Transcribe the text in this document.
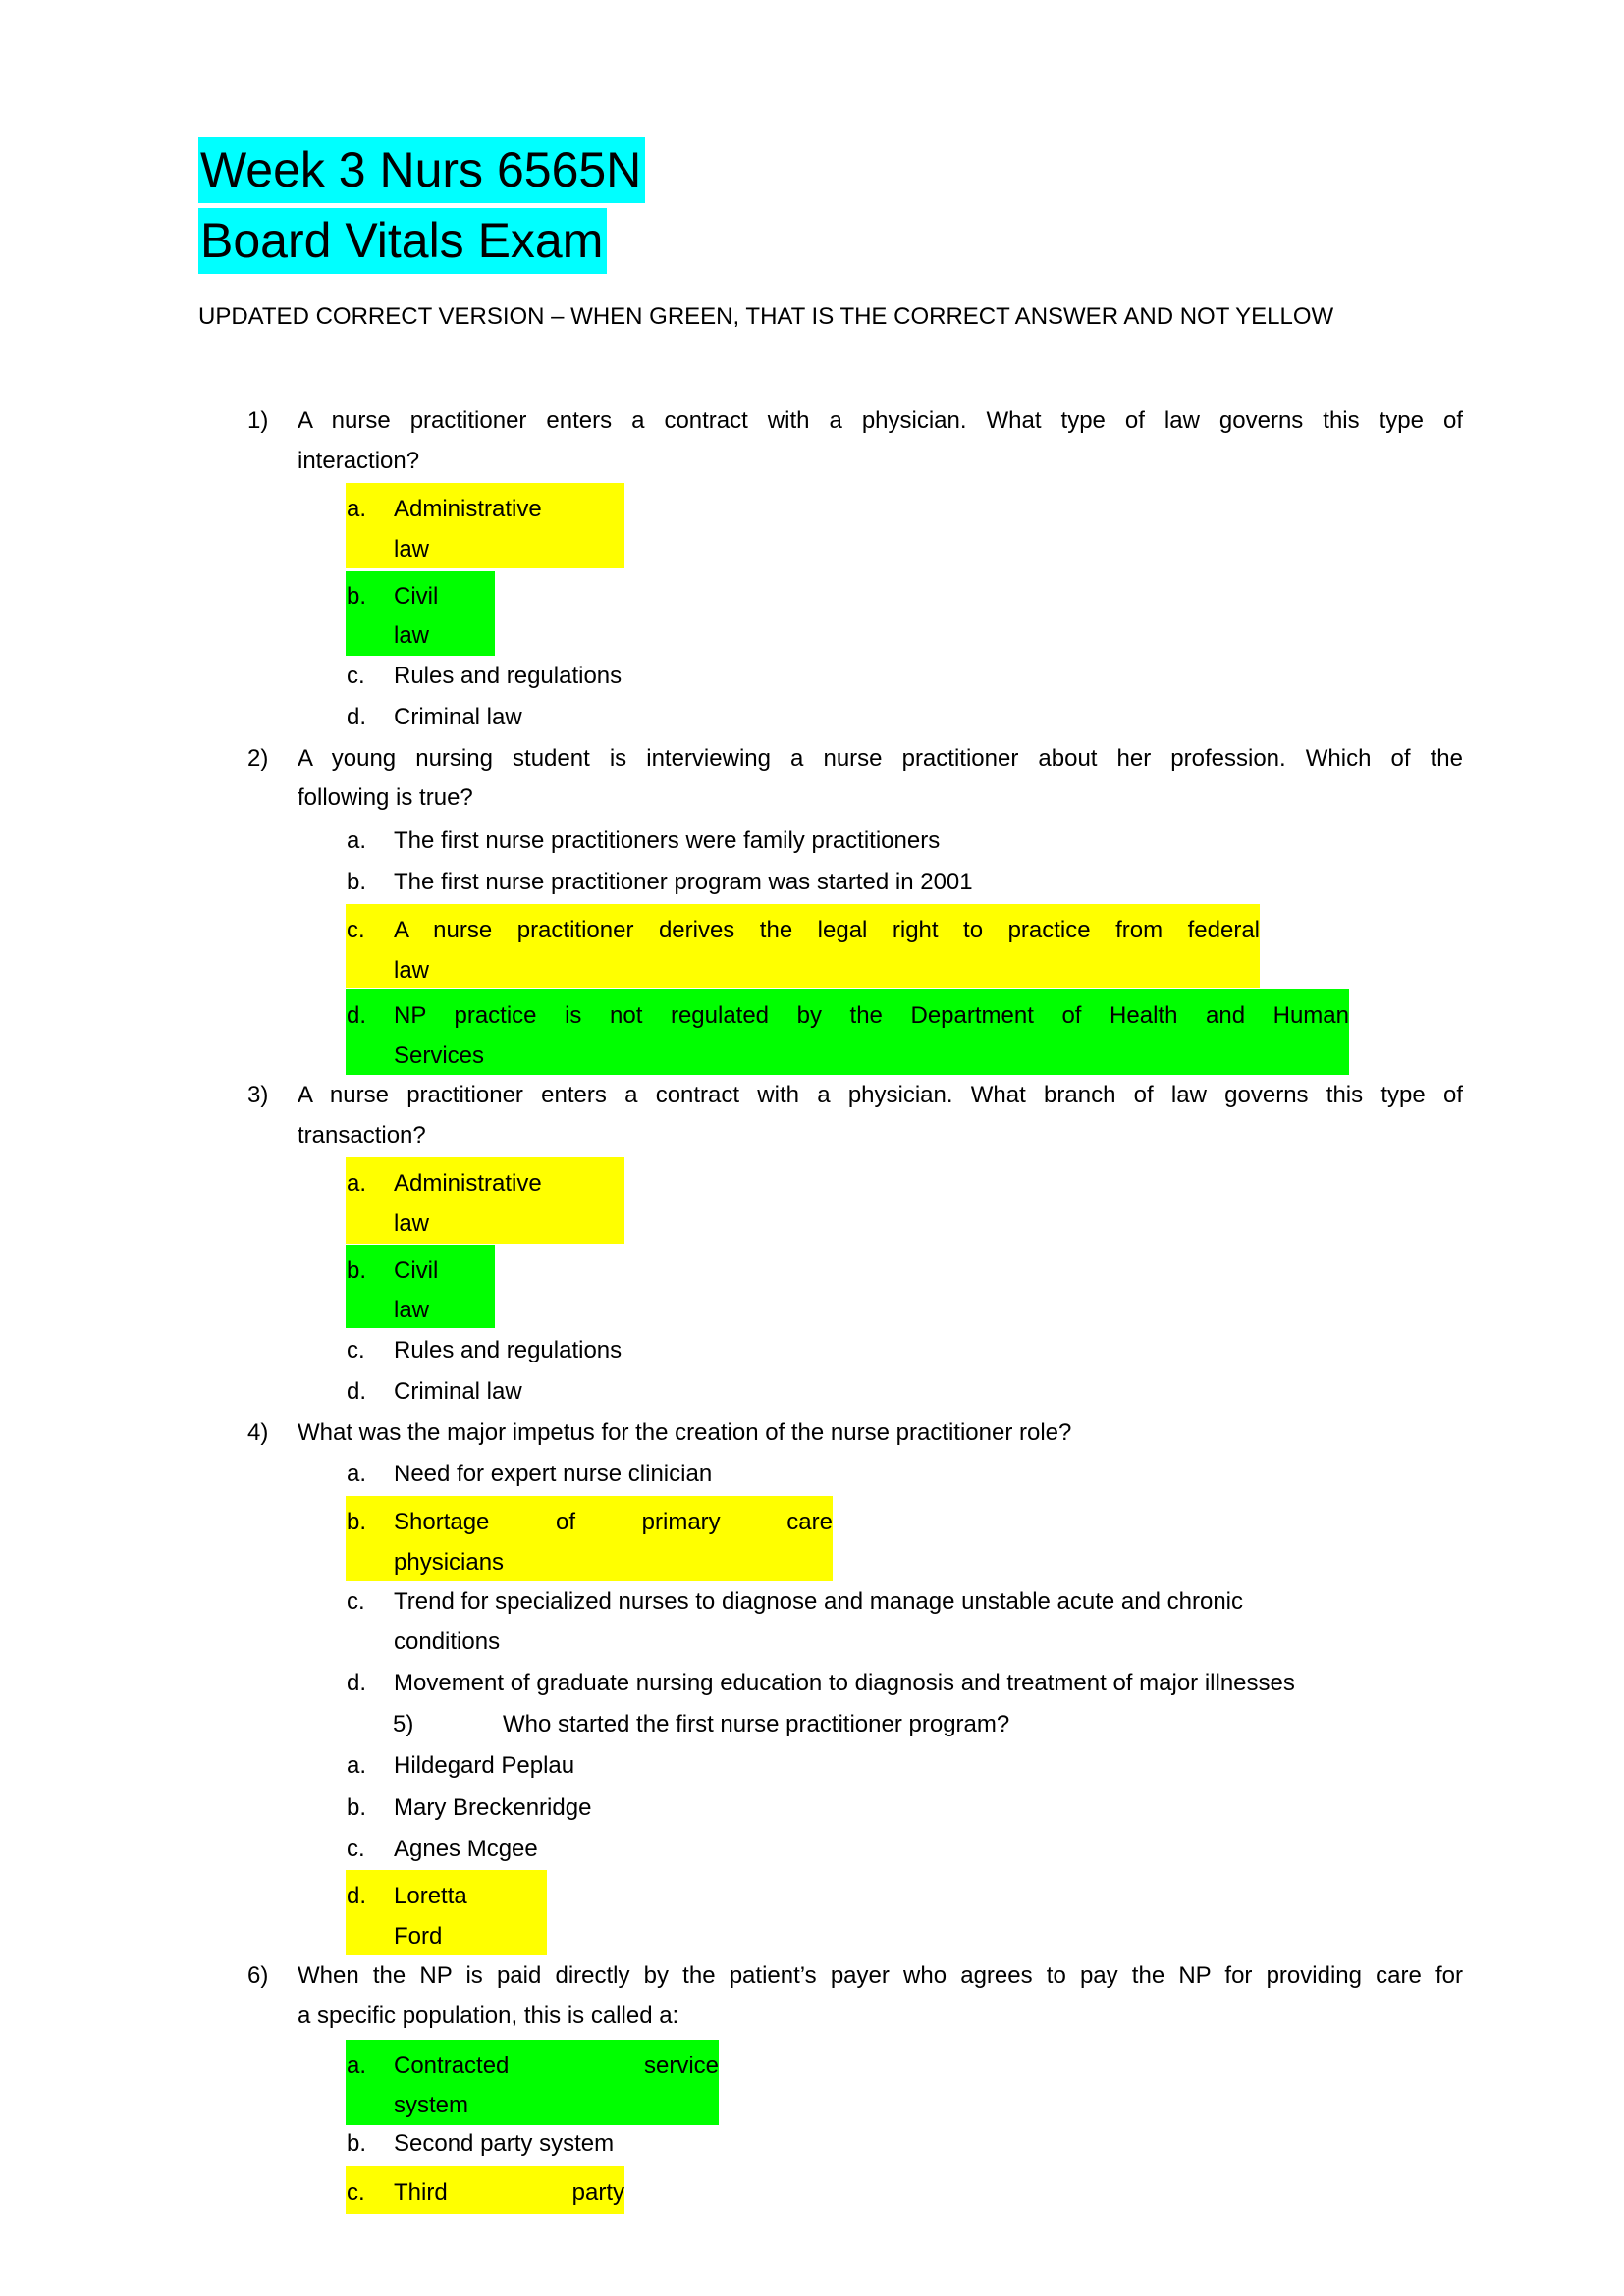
Week 3 Nurs 6565N
Board Vitals Exam
UPDATED CORRECT VERSION – WHEN GREEN, THAT IS THE CORRECT ANSWER AND NOT YELLOW
1) A nurse practitioner enters a contract with a physician. What type of law governs this type of
interaction?
a. Administrative
law
b. Civil
law
c. Rules and regulations
d. Criminal law
2) A young nursing student is interviewing a nurse practitioner about her profession. Which of the
following is true?
a. The first nurse practitioners were family practitioners
b. The first nurse practitioner program was started in 2001
c. A nurse practitioner derives the legal right to practice from federal
law
d. NP practice is not regulated by the Department of Health and Human
Services
3) A nurse practitioner enters a contract with a physician. What branch of law governs this type of
transaction?
a. Administrative
law
b. Civil
law
c. Rules and regulations
d. Criminal law
4) What was the major impetus for the creation of the nurse practitioner role?
a. Need for expert nurse clinician
b. Shortage of primary care
physicians
c. Trend for specialized nurses to diagnose and manage unstable acute and chronic
conditions
d. Movement of graduate nursing education to diagnosis and treatment of major illnesses
5)	Who started the first nurse practitioner program?
a. Hildegard Peplau
b. Mary Breckenridge
c. Agnes Mcgee
d. Loretta
Ford
6) When the NP is paid directly by the patient’s payer who agrees to pay the NP for providing care for
a specific population, this is called a:
a. Contracted service
system
b. Second party system
c. Third party
